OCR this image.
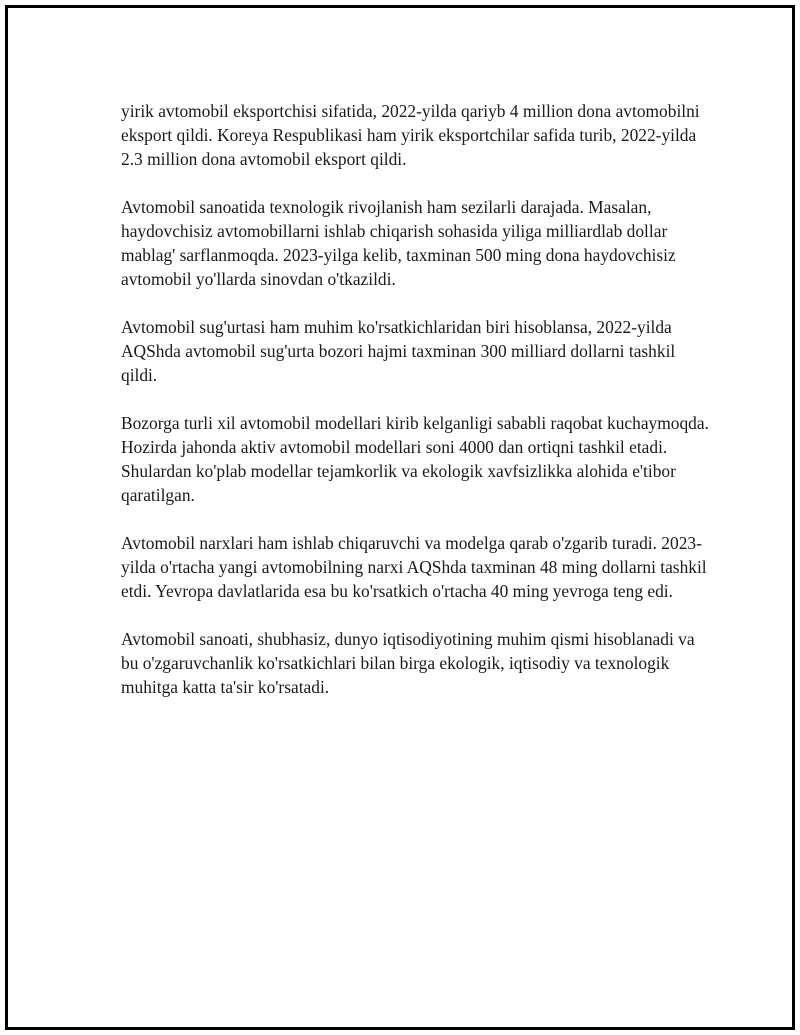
yirik avtomobil eksportchisi sifatida, 2022-yilda qariyb 4 million dona avtomobilni eksport qildi. Koreya Respublikasi ham yirik eksportchilar safida turib, 2022-yilda 2.3 million dona avtomobil eksport qildi.

Avtomobil sanoatida texnologik rivojlanish ham sezilarli darajada. Masalan, haydovchisiz avtomobillarni ishlab chiqarish sohasida yiliga milliardlab dollar mablag' sarflanmoqda. 2023-yilga kelib, taxminan 500 ming dona haydovchisiz avtomobil yo'llarda sinovdan o'tkazildi.

Avtomobil sug'urtasi ham muhim ko'rsatkichlaridan biri hisoblansa, 2022-yilda AQShda avtomobil sug'urta bozori hajmi taxminan 300 milliard dollarni tashkil qildi.

Bozorga turli xil avtomobil modellari kirib kelganligi sababli raqobat kuchaymoqda. Hozirda jahonda aktiv avtomobil modellari soni 4000 dan ortiqni tashkil etadi. Shulardan ko'plab modellar tejamkorlik va ekologik xavfsizlikka alohida e'tibor qaratilgan.

Avtomobil narxlari ham ishlab chiqaruvchi va modelga qarab o'zgarib turadi. 2023-yilda o'rtacha yangi avtomobilning narxi AQShda taxminan 48 ming dollarni tashkil etdi. Yevropa davlatlarida esa bu ko'rsatkich o'rtacha 40 ming yevroga teng edi.

Avtomobil sanoati, shubhasiz, dunyo iqtisodiyotining muhim qismi hisoblanadi va bu o'zgaruvchanlik ko'rsatkichlari bilan birga ekologik, iqtisodiy va texnologik muhitga katta ta'sir ko'rsatadi.
